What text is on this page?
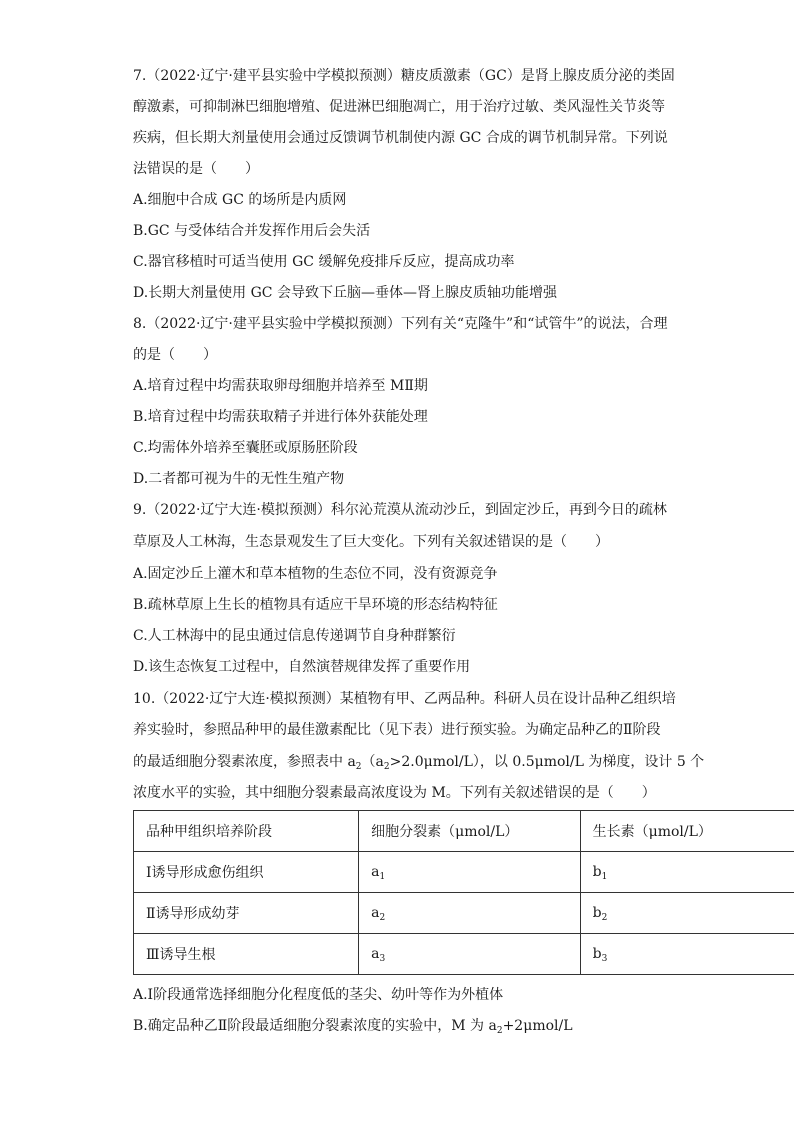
7.（2022·辽宁·建平县实验中学模拟预测）糖皮质激素（GC）是肾上腺皮质分泌的类固
醇激素，可抑制淋巴细胞增殖、促进淋巴细胞凋亡，用于治疗过敏、类风湿性关节炎等
疾病，但长期大剂量使用会通过反馈调节机制使内源 GC 合成的调节机制异常。下列说
法错误的是（　　）
A.细胞中合成 GC 的场所是内质网
B.GC 与受体结合并发挥作用后会失活
C.器官移植时可适当使用 GC 缓解免疫排斥反应，提高成功率
D.长期大剂量使用 GC 会导致下丘脑—垂体—肾上腺皮质轴功能增强
8.（2022·辽宁·建平县实验中学模拟预测）下列有关“克隆牛”和“试管牛”的说法，合理
的是（　　）
A.培育过程中均需获取卵母细胞并培养至 MⅡ期
B.培育过程中均需获取精子并进行体外获能处理
C.均需体外培养至囊胚或原肠胚阶段
D.二者都可视为牛的无性生殖产物
9.（2022·辽宁大连·模拟预测）科尔沁荒漠从流动沙丘，到固定沙丘，再到今日的疏林
草原及人工林海，生态景观发生了巨大变化。下列有关叙述错误的是（　　）
A.固定沙丘上灌木和草本植物的生态位不同，没有资源竞争
B.疏林草原上生长的植物具有适应干旱环境的形态结构特征
C.人工林海中的昆虫通过信息传递调节自身种群繁衍
D.该生态恢复工过程中，自然演替规律发挥了重要作用
10.（2022·辽宁大连·模拟预测）某植物有甲、乙两品种。科研人员在设计品种乙组织培
养实验时，参照品种甲的最佳激素配比（见下表）进行预实验。为确定品种乙的Ⅱ阶段
的最适细胞分裂素浓度，参照表中 $a_2(a_2>2.0\mu mol/L)$，以 0.5μmol/L 为梯度，设计 5 个
浓度水平的实验，其中细胞分裂素最高浓度设为 M。下列有关叙述错误的是（　　）
品种甲组织培养阶段	细胞分裂素（μmol/L）	生长素（μmol/L）
Ⅰ诱导形成愈伤组织	$a_1$	$b_1$
Ⅱ诱导形成幼芽	$a_2$	$b_2$
Ⅲ诱导生根	$a_3$	$b_3$
A.Ⅰ阶段通常选择细胞分化程度低的茎尖、幼叶等作为外植体
B.确定品种乙Ⅱ阶段最适细胞分裂素浓度的实验中，M 为 $a_2+2\mu mol/L$
